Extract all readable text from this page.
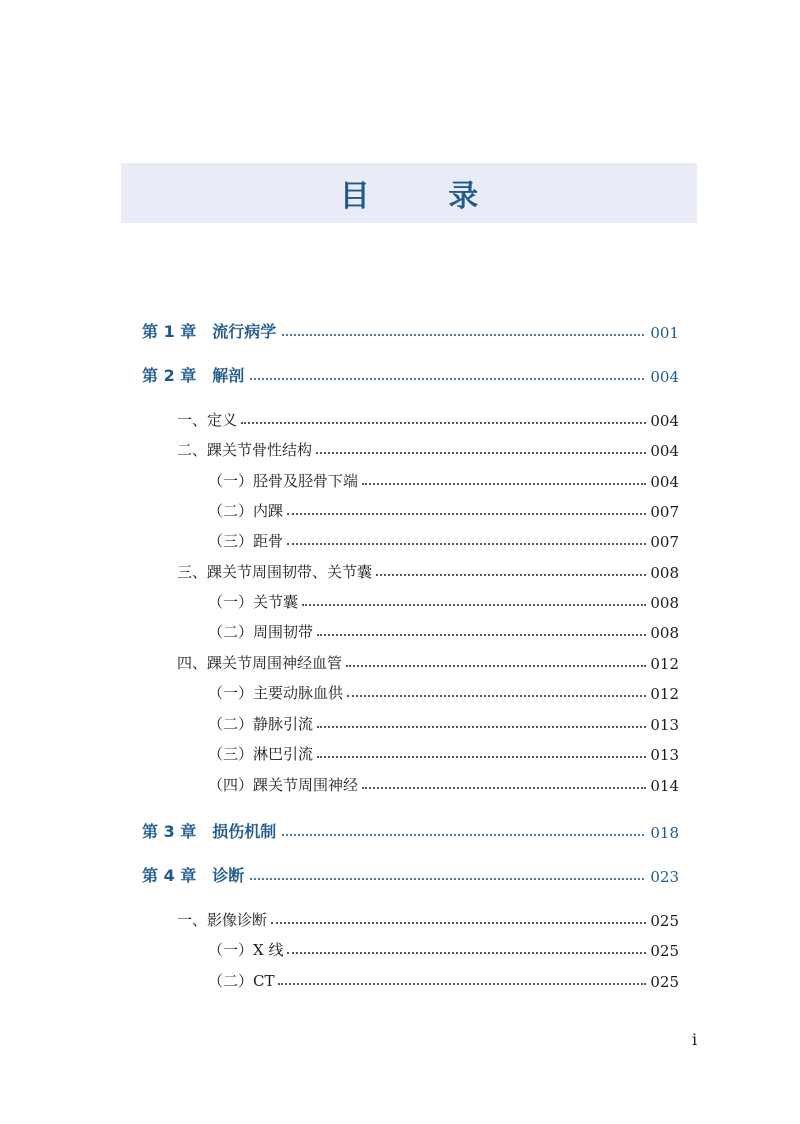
目 录
第 1 章 流行病学	001
第 2 章 解剖	004
一、定义	004
二、踝关节骨性结构	004
（一）胫骨及胫骨下端	004
（二）内踝	007
（三）距骨	007
三、踝关节周围韧带、关节囊	008
（一）关节囊	008
（二）周围韧带	008
四、踝关节周围神经血管	012
（一）主要动脉血供	012
（二）静脉引流	013
（三）淋巴引流	013
（四）踝关节周围神经	014
第 3 章 损伤机制	018
第 4 章 诊断	023
一、影像诊断	025
（一）X 线	025
（二）CT	025
i
